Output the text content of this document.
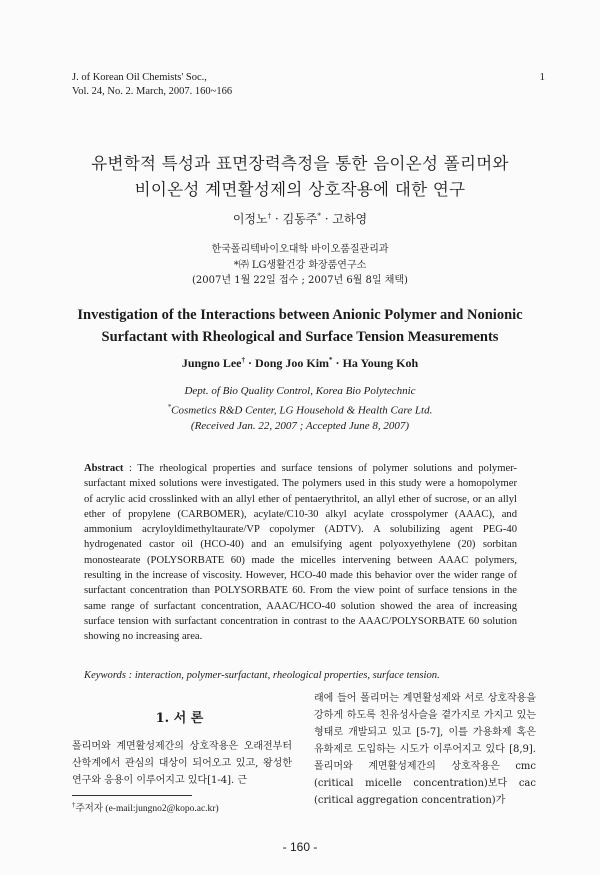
J. of Korean Oil Chemists' Soc.,
Vol. 24, No. 2. March, 2007. 160~166
1
유변학적 특성과 표면장력측정을 통한 음이온성 폴리머와
비이온성 계면활성제의 상호작용에 대한 연구
이정노† · 김동주* · 고하영
한국폴리텍바이오대학 바이오품질관리과
*㈜ LG생활건강 화장품연구소
(2007년 1월 22일 접수 ; 2007년 6월 8일 채택)
Investigation of the Interactions between Anionic Polymer and Nonionic
Surfactant with Rheological and Surface Tension Measurements
Jungno Lee† · Dong Joo Kim* · Ha Young Koh
Dept. of Bio Quality Control, Korea Bio Polytechnic
*Cosmetics R&D Center, LG Household & Health Care Ltd.
(Received Jan. 22, 2007 ; Accepted June 8, 2007)
Abstract : The rheological properties and surface tensions of polymer solutions and polymer-surfactant mixed solutions were investigated. The polymers used in this study were a homopolymer of acrylic acid crosslinked with an allyl ether of pentaerythritol, an allyl ether of sucrose, or an allyl ether of propylene (CARBOMER), acylate/C10-30 alkyl acylate crosspolymer (AAAC), and ammonium acryloyldimethyltaurate/VP copolymer (ADTV). A solubilizing agent PEG-40 hydrogenated castor oil (HCO-40) and an emulsifying agent polyoxyethylene (20) sorbitan monostearate (POLYSORBATE 60) made the micelles intervening between AAAC polymers, resulting in the increase of viscosity. However, HCO-40 made this behavior over the wider range of surfactant concentration than POLYSORBATE 60. From the view point of surface tensions in the same range of surfactant concentration, AAAC/HCO-40 solution showed the area of increasing surface tension with surfactant concentration in contrast to the AAAC/POLYSORBATE 60 solution showing no increasing area.
Keywords : interaction, polymer-surfactant, rheological properties, surface tension.
1. 서 론
폴리머와 계면활성제간의 상호작용은 오래전부터 산학계에서 관심의 대상이 되어오고 있고, 왕성한 연구와 응용이 이루어지고 있다[1-4]. 근
래에 들어 폴리머는 계면활성제와 서로 상호작용을 강하게 하도록 친유성사슬을 곁가지로 가지고 있는 형태로 개발되고 있고 [5-7], 이를 가용화제 혹은 유화제로 도입하는 시도가 이루어지고 있다 [8,9]. 폴리머와 계면활성제간의 상호작용은 cmc (critical micelle concentration)보다 cac (critical aggregation concentration)가
†주저자 (e-mail:jungno2@kopo.ac.kr)
- 160 -
